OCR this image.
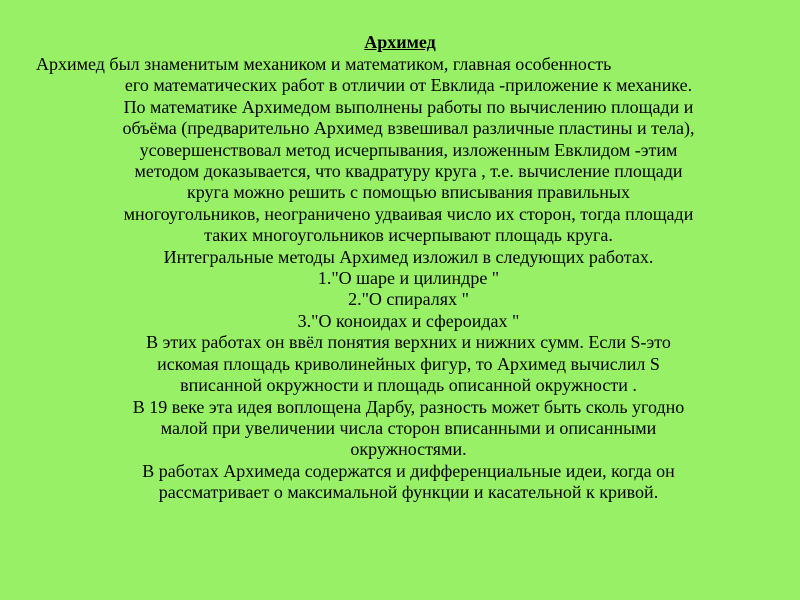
Архимед
Архимед был знаменитым механиком и математиком, главная особенность
его математических работ в отличии от Евклида -приложение к механике.
По математике Архимедом выполнены работы по вычислению площади и
объёма (предварительно Архимед взвешивал различные пластины и тела),
усовершенствовал метод исчерпывания, изложенным Евклидом -этим
методом доказывается, что квадратуру круга , т.е. вычисление площади
круга можно решить с помощью вписывания правильных
многоугольников, неограничено удваивая число их сторон, тогда площади
таких многоугольников исчерпывают площадь круга.
Интегральные методы Архимед изложил в следующих работах.
1."О шаре и цилиндре "
2."О спиралях "
3."О коноидах и сфероидах "
В этих работах он ввёл понятия верхних и нижних сумм. Если S-это
искомая площадь криволинейных фигур, то Архимед вычислил S
вписанной окружности и площадь описанной окружности .
В 19 веке эта идея воплощена Дарбу, разность может быть сколь угодно
малой при увеличении числа сторон вписанными и описанными
окружностями.
В работах Архимеда содержатся и дифференциальные идеи, когда он
рассматривает о максимальной функции и касательной к кривой.
